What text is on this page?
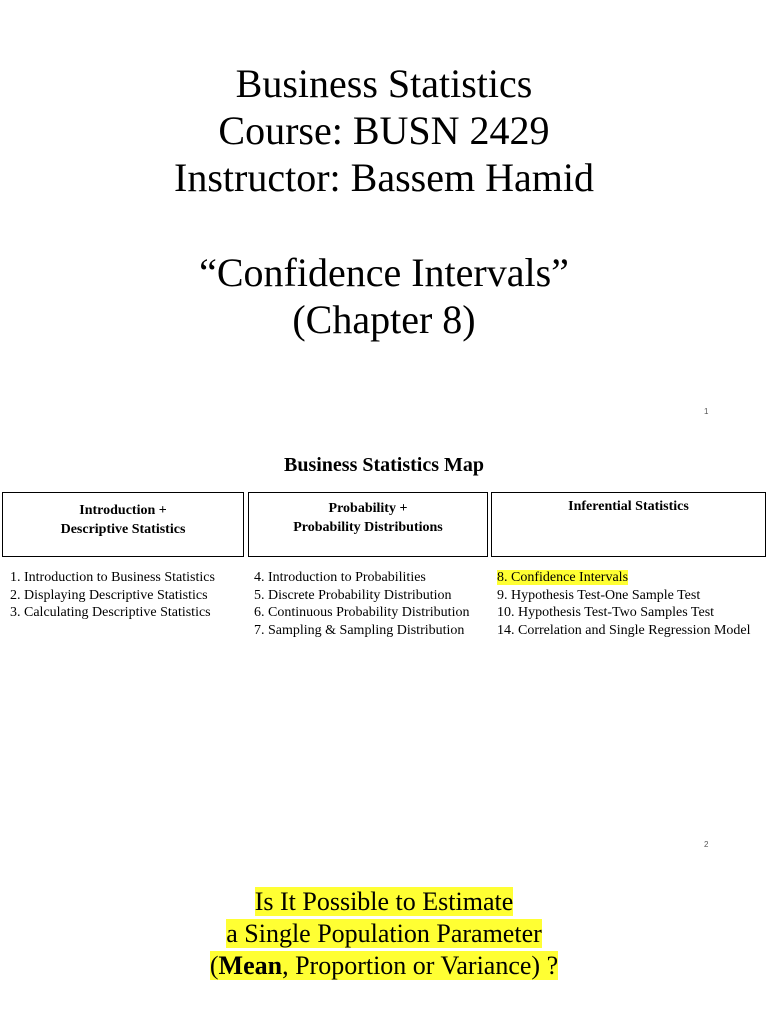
Business Statistics
Course: BUSN 2429
Instructor: Bassem Hamid
“Confidence Intervals”
(Chapter 8)
1
Business Statistics Map
Introduction +
Descriptive Statistics
Probability +
Probability Distributions
Inferential Statistics
1. Introduction to Business Statistics
2. Displaying Descriptive Statistics
3. Calculating Descriptive Statistics
4. Introduction to Probabilities
5. Discrete Probability Distribution
6. Continuous Probability Distribution
7. Sampling & Sampling Distribution
8. Confidence Intervals
9. Hypothesis Test-One Sample Test
10. Hypothesis Test-Two Samples Test
14. Correlation and Single Regression Model
2
Is It Possible to Estimate
a Single Population Parameter
(Mean, Proportion or Variance) ?
